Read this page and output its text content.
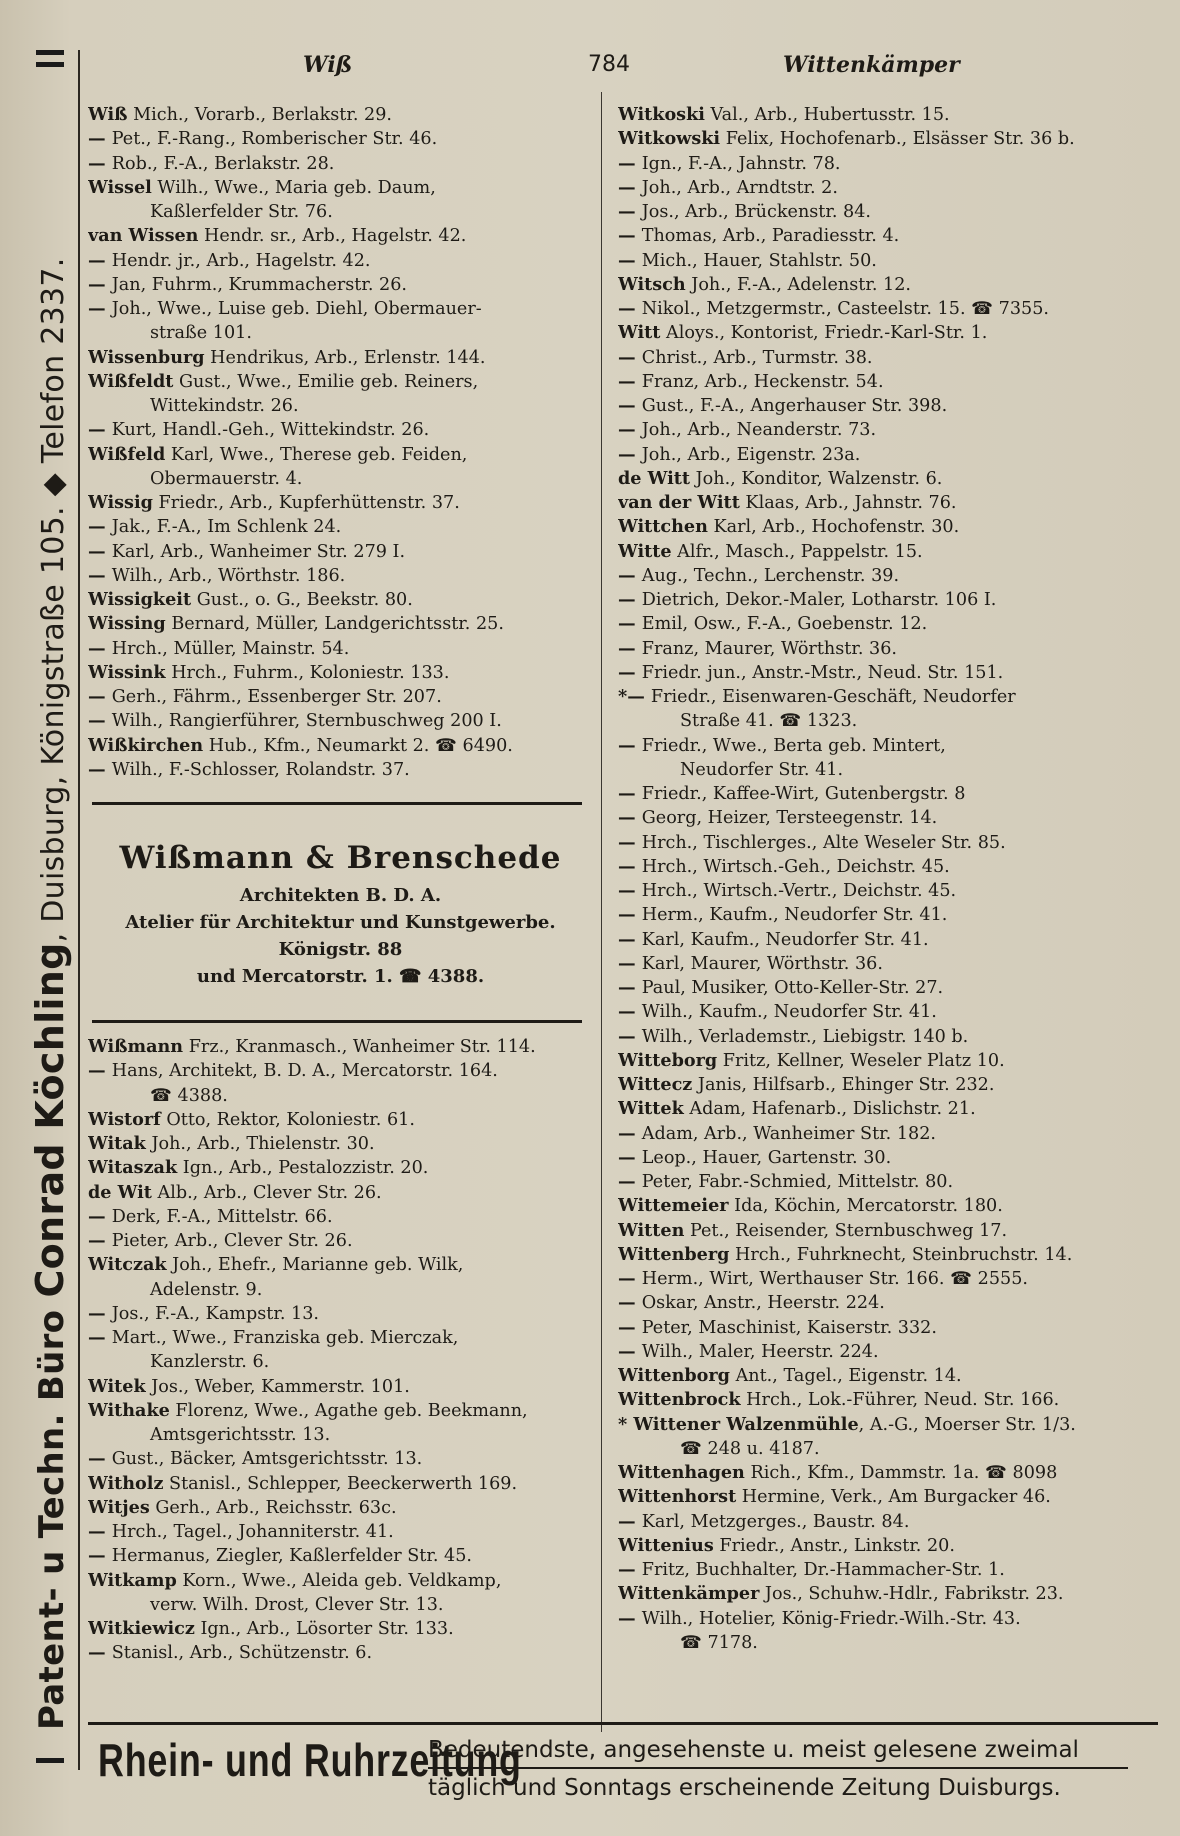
Patent- u Techn. Büro Conrad Köchling, Duisburg, Königstraße 105. ◆ Telefon 2337.
Wiß	784	Wittenkämper

Wiß Mich., Vorarb., Berlakstr. 29.

— Pet., F.-Rang., Romberischer Str. 46.

— Rob., F.-A., Berlakstr. 28.

Wissel Wilh., Wwe., Maria geb. Daum,

Kaßlerfelder Str. 76.

van Wissen Hendr. sr., Arb., Hagelstr. 42.

— Hendr. jr., Arb., Hagelstr. 42.

— Jan, Fuhrm., Krummacherstr. 26.

— Joh., Wwe., Luise geb. Diehl, Obermauer-

straße 101.

Wissenburg Hendrikus, Arb., Erlenstr. 144.

Wißfeldt Gust., Wwe., Emilie geb. Reiners,

Wittekindstr. 26.

— Kurt, Handl.-Geh., Wittekindstr. 26.

Wißfeld Karl, Wwe., Therese geb. Feiden,

Obermauerstr. 4.

Wissig Friedr., Arb., Kupferhüttenstr. 37.

— Jak., F.-A., Im Schlenk 24.

— Karl, Arb., Wanheimer Str. 279 I.

— Wilh., Arb., Wörthstr. 186.

Wissigkeit Gust., o. G., Beekstr. 80.

Wissing Bernard, Müller, Landgerichtsstr. 25.

— Hrch., Müller, Mainstr. 54.

Wissink Hrch., Fuhrm., Koloniestr. 133.

— Gerh., Fährm., Essenberger Str. 207.

— Wilh., Rangierführer, Sternbuschweg 200 I.

Wißkirchen Hub., Kfm., Neumarkt 2. ☎ 6490.

— Wilh., F.-Schlosser, Rolandstr. 37.

Wißmann & Brenschede
Architekten B. D. A.
Atelier für Architektur und Kunstgewerbe.
Königstr. 88
und Mercatorstr. 1. ☎ 4388.

Wißmann Frz., Kranmasch., Wanheimer Str. 114.

— Hans, Architekt, B. D. A., Mercatorstr. 164.

☎ 4388.

Wistorf Otto, Rektor, Koloniestr. 61.

Witak Joh., Arb., Thielenstr. 30.

Witaszak Ign., Arb., Pestalozzistr. 20.

de Wit Alb., Arb., Clever Str. 26.

— Derk, F.-A., Mittelstr. 66.

— Pieter, Arb., Clever Str. 26.

Witczak Joh., Ehefr., Marianne geb. Wilk,

Adelenstr. 9.

— Jos., F.-A., Kampstr. 13.

— Mart., Wwe., Franziska geb. Mierczak,

Kanzlerstr. 6.

Witek Jos., Weber, Kammerstr. 101.

Withake Florenz, Wwe., Agathe geb. Beekmann,

Amtsgerichtsstr. 13.

— Gust., Bäcker, Amtsgerichtsstr. 13.

Witholz Stanisl., Schlepper, Beeckerwerth 169.

Witjes Gerh., Arb., Reichsstr. 63c.

— Hrch., Tagel., Johanniterstr. 41.

— Hermanus, Ziegler, Kaßlerfelder Str. 45.

Witkamp Korn., Wwe., Aleida geb. Veldkamp,

verw. Wilh. Drost, Clever Str. 13.

Witkiewicz Ign., Arb., Lösorter Str. 133.

— Stanisl., Arb., Schützenstr. 6.

Witkoski Val., Arb., Hubertusstr. 15.

Witkowski Felix, Hochofenarb., Elsässer Str. 36 b.

— Ign., F.-A., Jahnstr. 78.

— Joh., Arb., Arndtstr. 2.

— Jos., Arb., Brückenstr. 84.

— Thomas, Arb., Paradiesstr. 4.

— Mich., Hauer, Stahlstr. 50.

Witsch Joh., F.-A., Adelenstr. 12.

— Nikol., Metzgermstr., Casteelstr. 15. ☎ 7355.

Witt Aloys., Kontorist, Friedr.-Karl-Str. 1.

— Christ., Arb., Turmstr. 38.

— Franz, Arb., Heckenstr. 54.

— Gust., F.-A., Angerhauser Str. 398.

— Joh., Arb., Neanderstr. 73.

— Joh., Arb., Eigenstr. 23a.

de Witt Joh., Konditor, Walzenstr. 6.

van der Witt Klaas, Arb., Jahnstr. 76.

Wittchen Karl, Arb., Hochofenstr. 30.

Witte Alfr., Masch., Pappelstr. 15.

— Aug., Techn., Lerchenstr. 39.

— Dietrich, Dekor.-Maler, Lotharstr. 106 I.

— Emil, Osw., F.-A., Goebenstr. 12.

— Franz, Maurer, Wörthstr. 36.

— Friedr. jun., Anstr.-Mstr., Neud. Str. 151.

*— Friedr., Eisenwaren-Geschäft, Neudorfer

Straße 41. ☎ 1323.

— Friedr., Wwe., Berta geb. Mintert,

Neudorfer Str. 41.

— Friedr., Kaffee-Wirt, Gutenbergstr. 8

— Georg, Heizer, Tersteegenstr. 14.

— Hrch., Tischlerges., Alte Weseler Str. 85.

— Hrch., Wirtsch.-Geh., Deichstr. 45.

— Hrch., Wirtsch.-Vertr., Deichstr. 45.

— Herm., Kaufm., Neudorfer Str. 41.

— Karl, Kaufm., Neudorfer Str. 41.

— Karl, Maurer, Wörthstr. 36.

— Paul, Musiker, Otto-Keller-Str. 27.

— Wilh., Kaufm., Neudorfer Str. 41.

— Wilh., Verlademstr., Liebigstr. 140 b.

Witteborg Fritz, Kellner, Weseler Platz 10.

Wittecz Janis, Hilfsarb., Ehinger Str. 232.

Wittek Adam, Hafenarb., Dislichstr. 21.

— Adam, Arb., Wanheimer Str. 182.

— Leop., Hauer, Gartenstr. 30.

— Peter, Fabr.-Schmied, Mittelstr. 80.

Wittemeier Ida, Köchin, Mercatorstr. 180.

Witten Pet., Reisender, Sternbuschweg 17.

Wittenberg Hrch., Fuhrknecht, Steinbruchstr. 14.

— Herm., Wirt, Werthauser Str. 166. ☎ 2555.

— Oskar, Anstr., Heerstr. 224.

— Peter, Maschinist, Kaiserstr. 332.

— Wilh., Maler, Heerstr. 224.

Wittenborg Ant., Tagel., Eigenstr. 14.

Wittenbrock Hrch., Lok.-Führer, Neud. Str. 166.

* Wittener Walzenmühle, A.-G., Moerser Str. 1/3.

☎ 248 u. 4187.

Wittenhagen Rich., Kfm., Dammstr. 1a. ☎ 8098

Wittenhorst Hermine, Verk., Am Burgacker 46.

— Karl, Metzgerges., Baustr. 84.

Wittenius Friedr., Anstr., Linkstr. 20.

— Fritz, Buchhalter, Dr.-Hammacher-Str. 1.

Wittenkämper Jos., Schuhw.-Hdlr., Fabrikstr. 23.

— Wilh., Hotelier, König-Friedr.-Wilh.-Str. 43.

☎ 7178.

Rhein- und Ruhrzeitung
Bedeutendste, angesehenste u. meist gelesene zweimal
täglich und Sonntags erscheinende Zeitung Duisburgs.
